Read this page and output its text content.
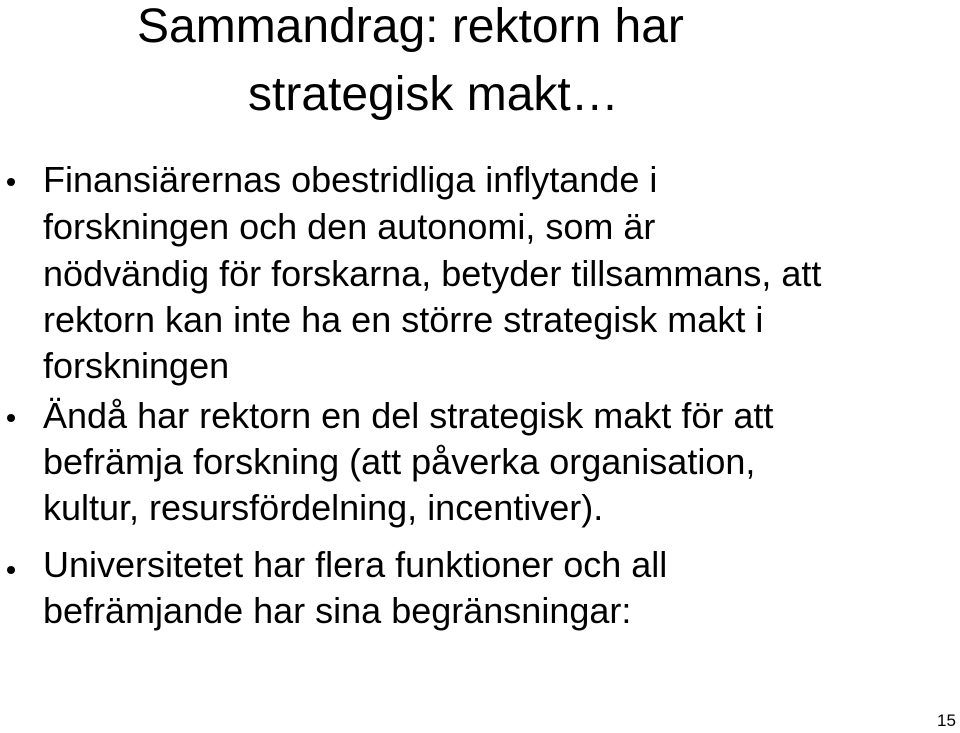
Sammandrag: rektorn har
strategisk makt…
Finansiärernas obestridliga inflytande i
forskningen och den autonomi, som är
nödvändig för forskarna, betyder tillsammans, att
rektorn kan inte ha en större strategisk makt i
forskningen
Ändå har rektorn en del strategisk makt för att
befrämja forskning (att påverka organisation,
kultur, resursfördelning, incentiver).
Universitetet har flera funktioner och all
befrämjande har sina begränsningar:
15
